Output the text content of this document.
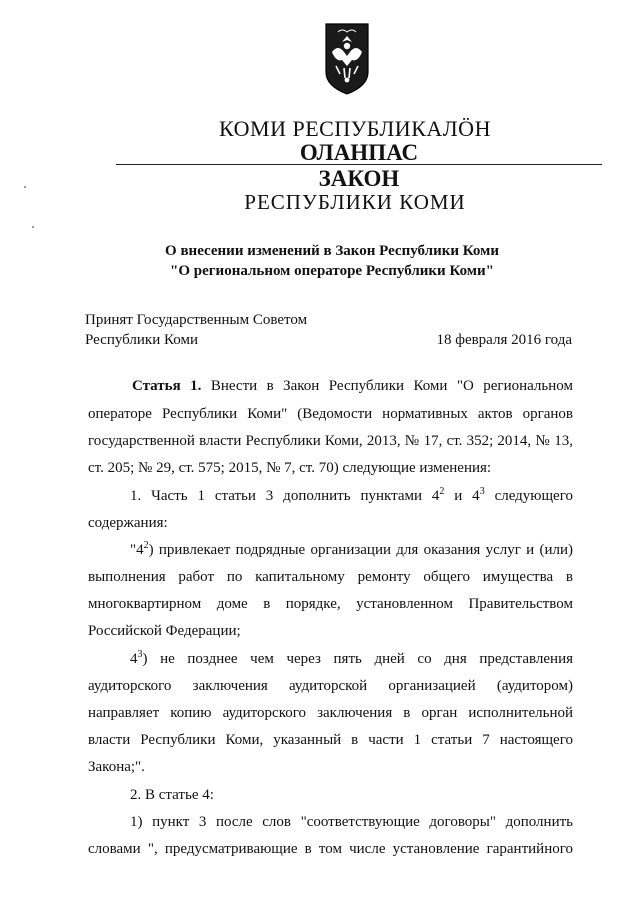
КОМИ РЕСПУБЛИКАЛÖН
ОЛАНПАС
ЗАКОН
РЕСПУБЛИКИ КОМИ
О внесении изменений в Закон Республики Коми
"О региональном операторе Республики Коми"
Принят Государственным Советом
Республики Коми	18 февраля 2016 года
Статья 1. Внести в Закон Республики Коми "О региональном
операторе Республики Коми" (Ведомости нормативных актов органов
государственной власти Республики Коми, 2013, № 17, ст. 352; 2014, № 13,
ст. 205; № 29, ст. 575; 2015, № 7, ст. 70) следующие изменения:
1. Часть 1 статьи 3 дополнить пунктами $4^2$ и $4^3$ следующего
содержания:
"$4^2$) привлекает подрядные организации для оказания услуг и (или)
выполнения работ по капитальному ремонту общего имущества в
многоквартирном доме в порядке, установленном Правительством
Российской Федерации;
$4^3$) не позднее чем через пять дней со дня представления
аудиторского заключения аудиторской организацией (аудитором)
направляет копию аудиторского заключения в орган исполнительной
власти Республики Коми, указанный в части 1 статьи 7 настоящего
Закона;".
2. В статье 4:
1) пункт 3 после слов "соответствующие договоры" дополнить
словами ", предусматривающие в том числе установление гарантийного
